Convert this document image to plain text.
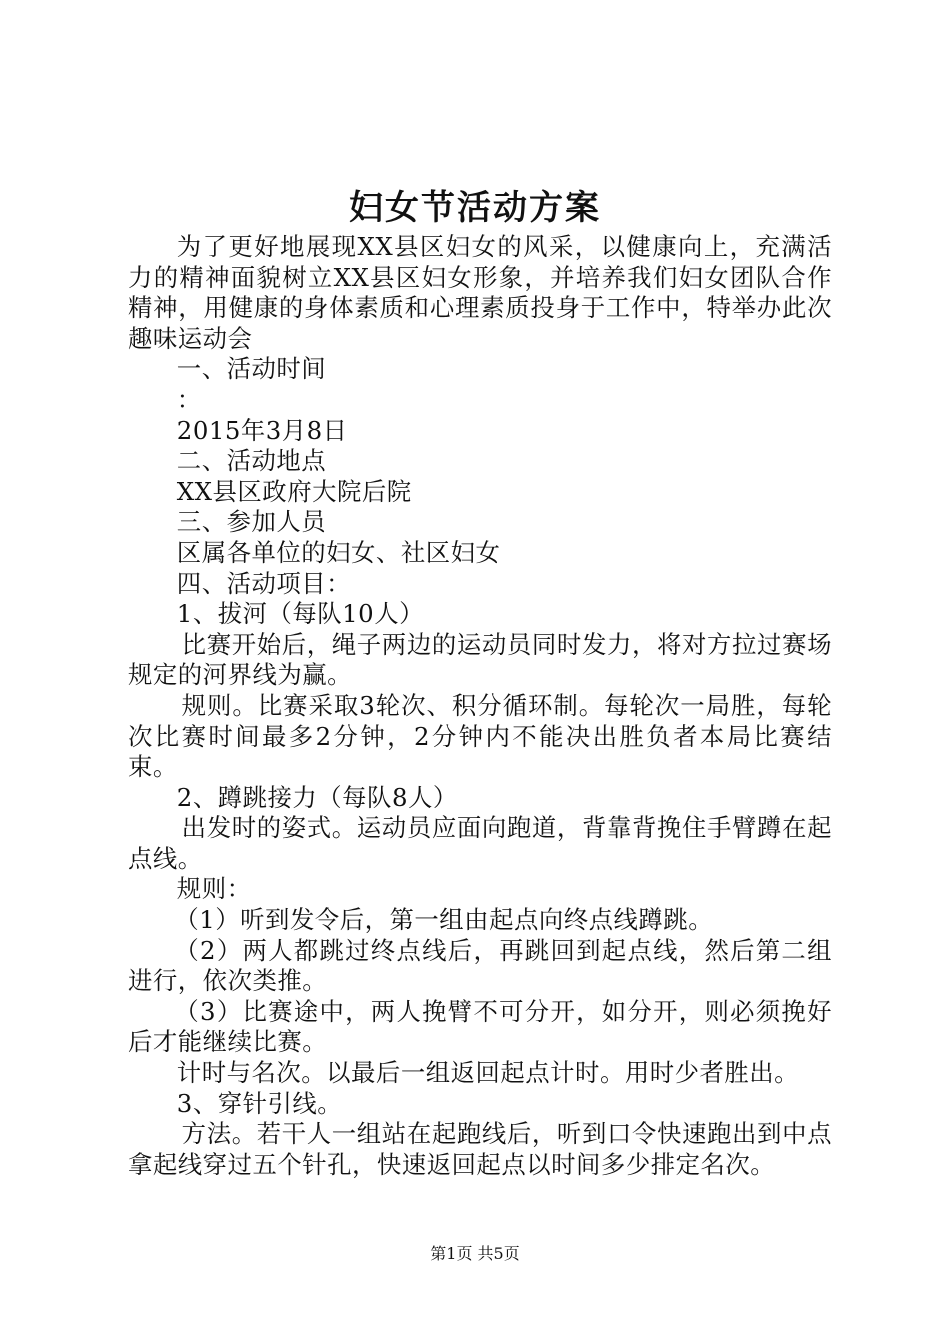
妇女节活动方案

为了更好地展现XX县区妇女的风采，以健康向上，充满活力的精神面貌树立XX县区妇女形象，并培养我们妇女团队合作精神，用健康的身体素质和心理素质投身于工作中，特举办此次趣味运动会

一、活动时间

：

2015年3月8日

二、活动地点

XX县区政府大院后院

三、参加人员

区属各单位的妇女、社区妇女

四、活动项目：

1、拔河（每队10人）

比赛开始后，绳子两边的运动员同时发力，将对方拉过赛场规定的河界线为赢。

规则。比赛采取3轮次、积分循环制。每轮次一局胜，每轮次比赛时间最多2分钟，2分钟内不能决出胜负者本局比赛结束。

2、蹲跳接力（每队8人）

出发时的姿式。运动员应面向跑道，背靠背挽住手臂蹲在起点线。

规则：

（1）听到发令后，第一组由起点向终点线蹲跳。

（2）两人都跳过终点线后，再跳回到起点线，然后第二组进行，依次类推。

（3）比赛途中，两人挽臂不可分开，如分开，则必须挽好后才能继续比赛。

计时与名次。以最后一组返回起点计时。用时少者胜出。

3、穿针引线。

方法。若干人一组站在起跑线后，听到口令快速跑出到中点拿起线穿过五个针孔，快速返回起点以时间多少排定名次。

第1页 共5页
